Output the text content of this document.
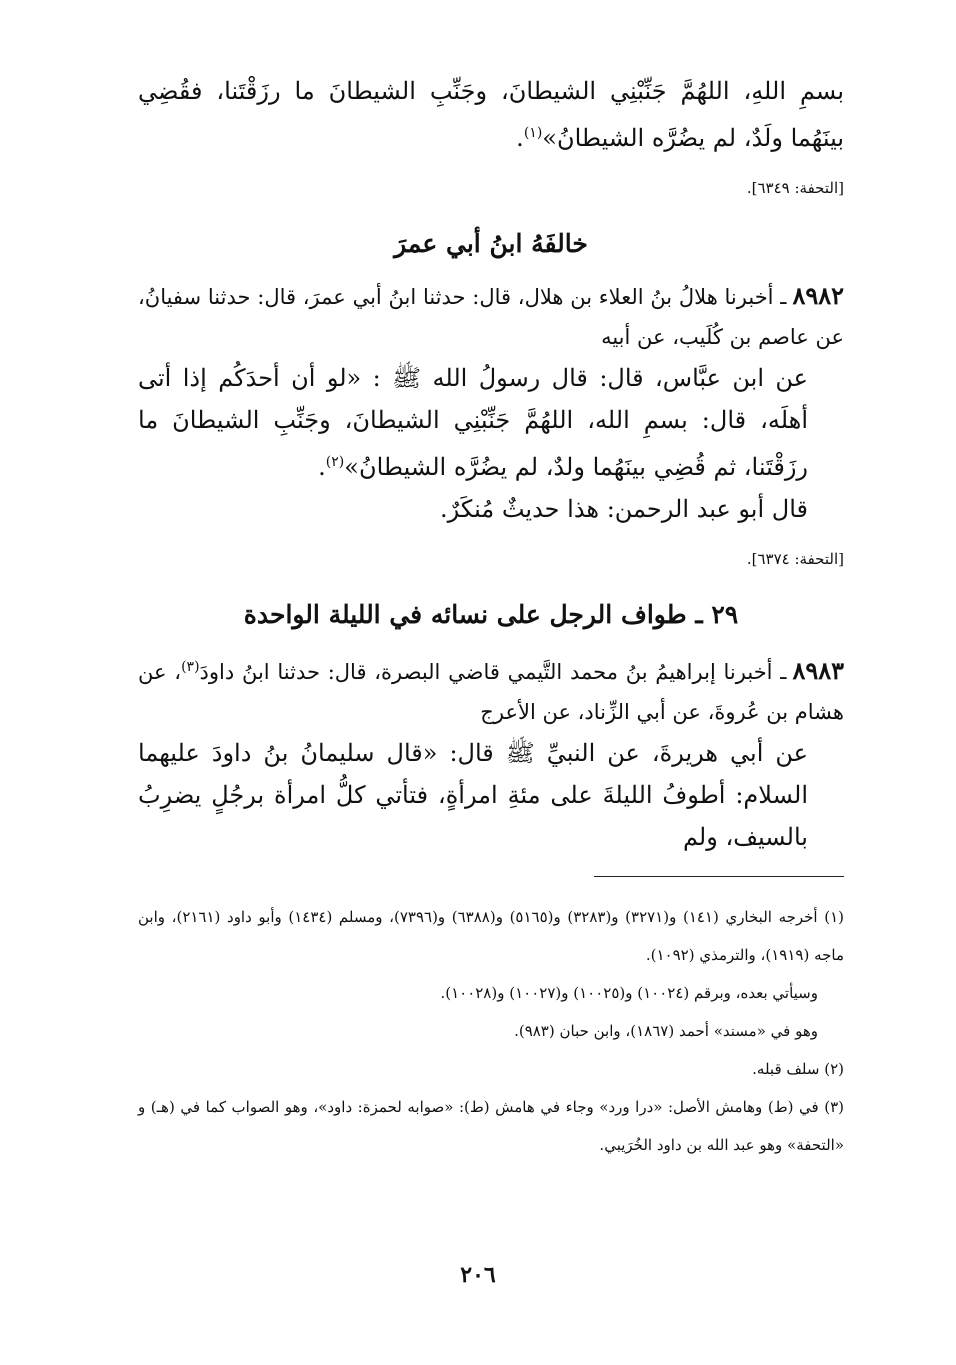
بسمِ اللهِ، اللهُمَّ جَنِّبْنِي الشيطانَ، وجَنِّبِ الشيطانَ ما رزَقْتَنا، فقُضِي بينَهُما ولَدٌ، لم يضُرَّه الشيطانُ»$^{(١)}$.

[التحفة: ٦٣٤٩].

خالفَهُ ابنُ أبي عمرَ

٨٩٨٢ـ أخبرنا هلالُ بنُ العلاء بن هلال، قال: حدثنا ابنُ أبي عمرَ، قال: حدثنا سفيانُ، عن عاصم بن كُلَيب، عن أبيه

عن ابن عبَّاس، قال: قال رسولُ الله ﷺ : «لو أن أحدَكُم إذا أتى أهلَه، قال: بسمِ الله، اللهُمَّ جَنِّبْنِي الشيطانَ، وجَنِّبِ الشيطانَ ما رزَقْتَنا، ثم قُضِي بينَهُما ولدٌ، لم يضُرَّه الشيطانُ»$^{(٢)}$.

قال أبو عبد الرحمن: هذا حديثٌ مُنكَرٌ.

[التحفة: ٦٣٧٤].

٢٩ ـ طواف الرجل على نسائه في الليلة الواحدة

٨٩٨٣ـ أخبرنا إبراهيمُ بنُ محمد التَّيمي قاضي البصرة، قال: حدثنا ابنُ داودَ$^{(٣)}$، عن هشام بن عُروةَ، عن أبي الزِّناد، عن الأعرج

عن أبي هريرةَ، عن النبيِّ ﷺ قال: «قال سليمانُ بنُ داودَ عليهما السلام: أطوفُ الليلةَ على مئةِ امرأةٍ، فتأتي كلُّ امرأة برجُلٍ يضرِبُ بالسيف، ولم

(١) أخرجه البخاري (١٤١) و(٣٢٧١) و(٣٢٨٣) و(٥١٦٥) و(٦٣٨٨) و(٧٣٩٦)، ومسلم (١٤٣٤) وأبو داود (٢١٦١)، وابن ماجه (١٩١٩)، والترمذي (١٠٩٢).

وسيأتي بعده، وبرقم (١٠٠٢٤) و(١٠٠٢٥) و(١٠٠٢٧) و(١٠٠٢٨).

وهو في «مسند» أحمد (١٨٦٧)، وابن حبان (٩٨٣).

(٢) سلف قبله.

(٣) في (ط) وهامش الأصل: «درا ورد» وجاء في هامش (ط): «صوابه لحمزة: داود»، وهو الصواب كما في (هـ) و «التحفة» وهو عبد الله بن داود الخُرَيبي.

٢٠٦
